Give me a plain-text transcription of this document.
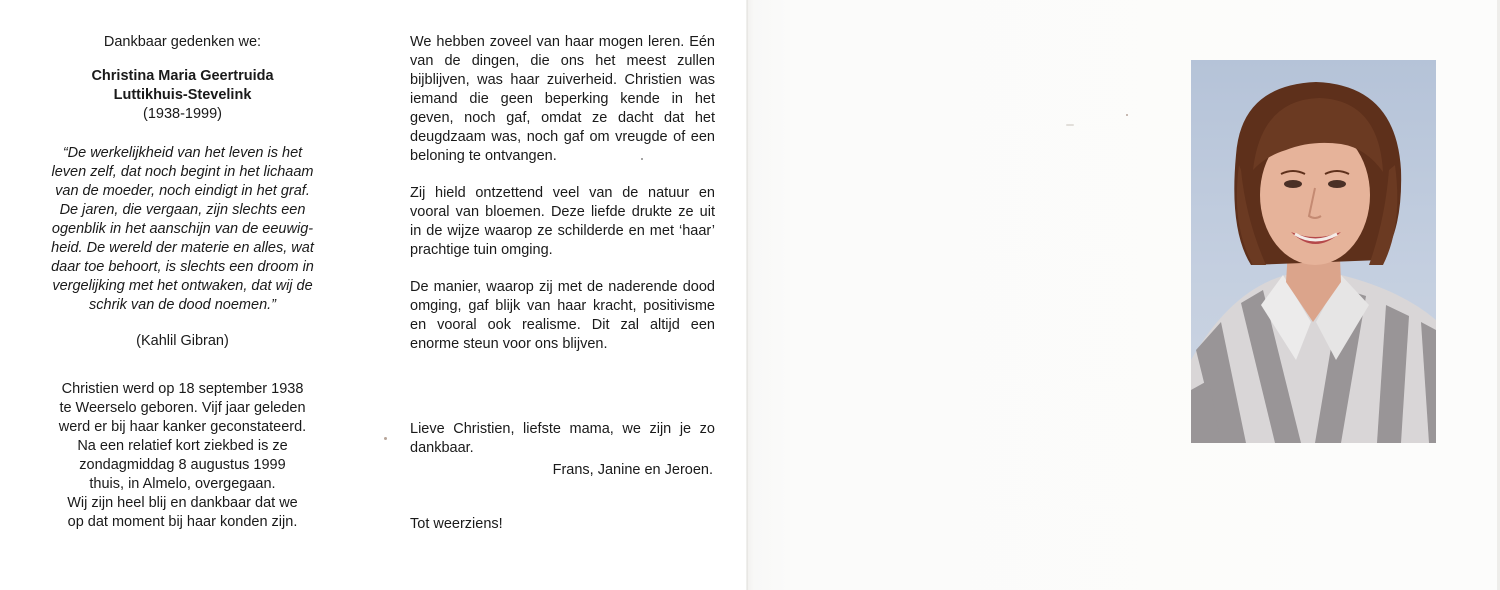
Dankbaar gedenken we:

Christina Maria Geertruida

Luttikhuis-Stevelink

(1938-1999)

“De werkelijkheid van het leven is het
leven zelf, dat noch begint in het lichaam
van de moeder, noch eindigt in het graf.
De jaren, die vergaan, zijn slechts een
ogenblik in het aanschijn van de eeuwig-
heid. De wereld der materie en alles, wat
daar toe behoort, is slechts een droom in
vergelijking met het ontwaken, dat wij de
schrik van de dood noemen.”

(Kahlil Gibran)

Christien werd op 18 september 1938
te Weerselo geboren. Vijf jaar geleden
werd er bij haar kanker geconstateerd.
Na een relatief kort ziekbed is ze
zondagmiddag 8 augustus 1999
thuis, in Almelo, overgegaan.
Wij zijn heel blij en dankbaar dat we
op dat moment bij haar konden zijn.

We hebben zoveel van haar mogen leren. Eén van de dingen, die ons het meest zullen bijblijven, was haar zuiverheid. Christien was iemand die geen beperking kende in het geven, noch gaf, omdat ze dacht dat het deugdzaam was, noch gaf om vreugde of een beloning te ontvangen.

Zij hield ontzettend veel van de natuur en vooral van bloemen. Deze liefde drukte ze uit in de wijze waarop ze schilderde en met ‘haar’ prachtige tuin omging.

De manier, waarop zij met de naderende dood omging, gaf blijk van haar kracht, positivisme en vooral ook realisme. Dit zal altijd een enorme steun voor ons blijven.

Lieve Christien, liefste mama, we zijn je zo dankbaar.
Frans, Janine en Jeroen.
Tot weerziens!
